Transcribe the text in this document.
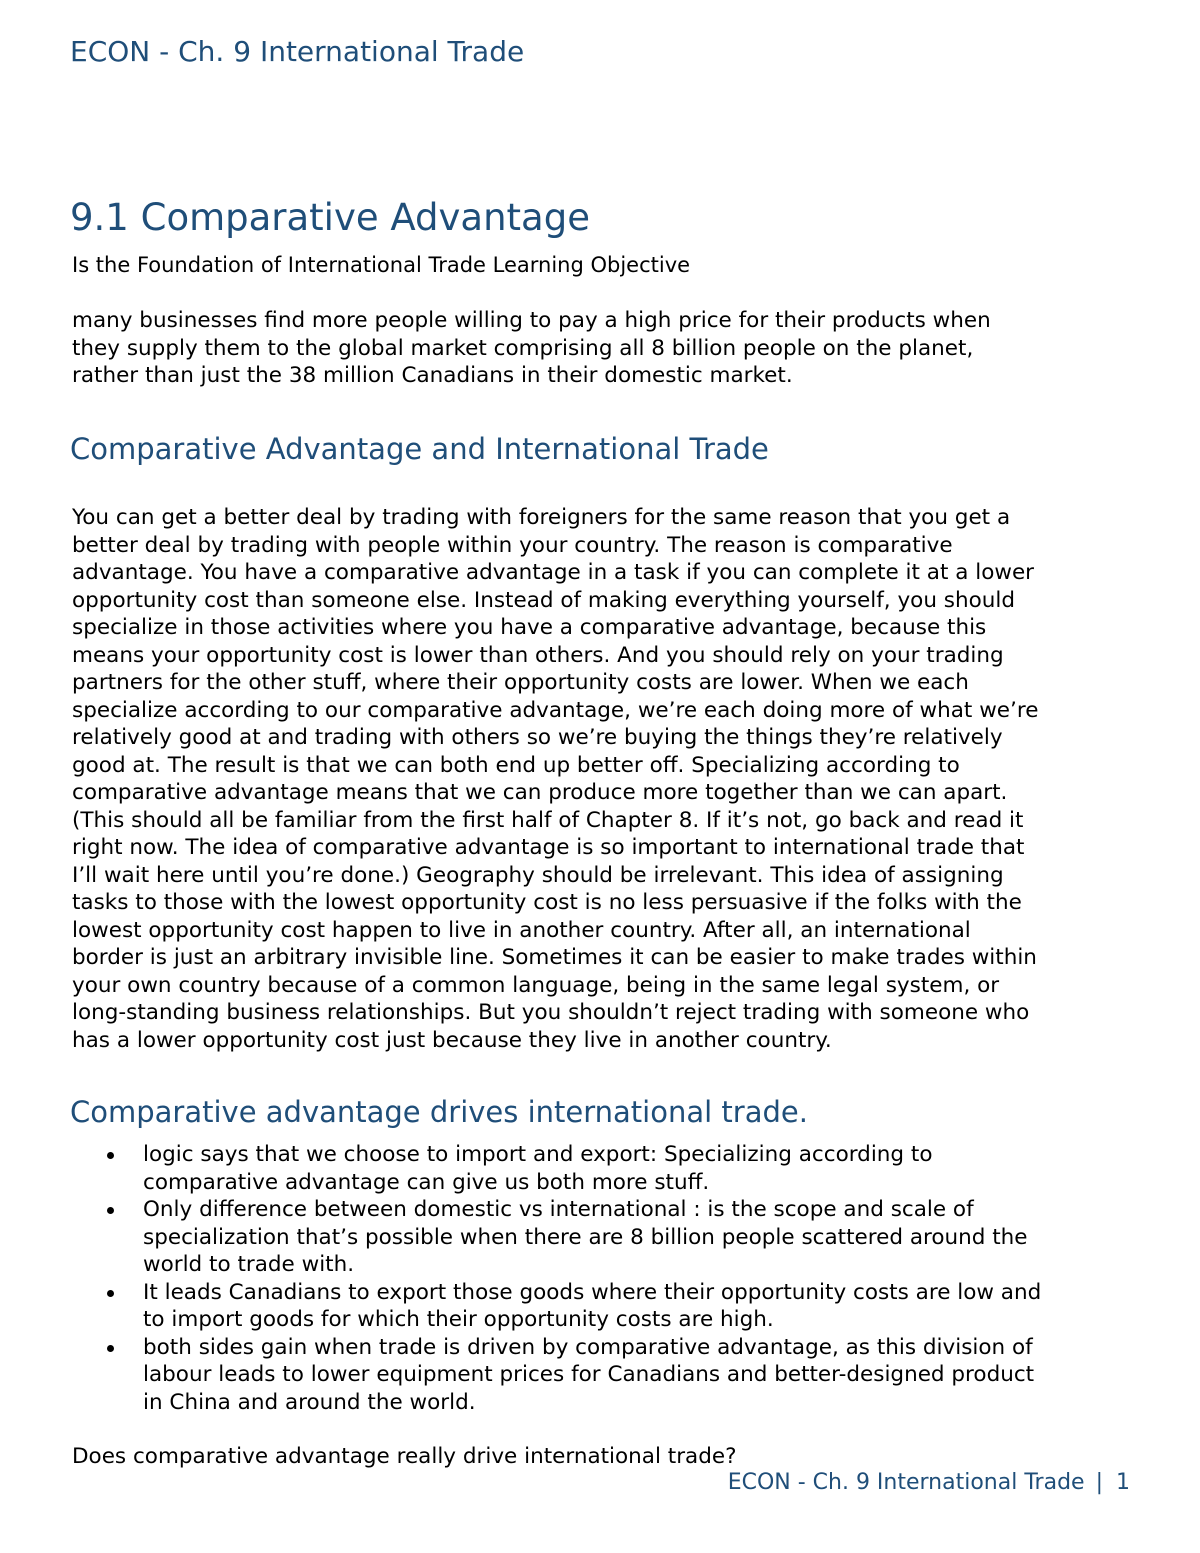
ECON - Ch. 9 International Trade
9.1 Comparative Advantage
Is the Foundation of International Trade Learning Objective
many businesses find more people willing to pay a high price for their products when
they supply them to the global market comprising all 8 billion people on the planet,
rather than just the 38 million Canadians in their domestic market.
Comparative Advantage and International Trade
You can get a better deal by trading with foreigners for the same reason that you get a
better deal by trading with people within your country. The reason is comparative
advantage. You have a comparative advantage in a task if you can complete it at a lower
opportunity cost than someone else. Instead of making everything yourself, you should
specialize in those activities where you have a comparative advantage, because this
means your opportunity cost is lower than others. And you should rely on your trading
partners for the other stuff, where their opportunity costs are lower. When we each
specialize according to our comparative advantage, we’re each doing more of what we’re
relatively good at and trading with others so we’re buying the things they’re relatively
good at. The result is that we can both end up better off. Specializing according to
comparative advantage means that we can produce more together than we can apart.
(This should all be familiar from the first half of Chapter 8. If it’s not, go back and read it
right now. The idea of comparative advantage is so important to international trade that
I’ll wait here until you’re done.) Geography should be irrelevant. This idea of assigning
tasks to those with the lowest opportunity cost is no less persuasive if the folks with the
lowest opportunity cost happen to live in another country. After all, an international
border is just an arbitrary invisible line. Sometimes it can be easier to make trades within
your own country because of a common language, being in the same legal system, or
long-standing business relationships. But you shouldn’t reject trading with someone who
has a lower opportunity cost just because they live in another country.
Comparative advantage drives international trade.
logic says that we choose to import and export: Specializing according to
comparative advantage can give us both more stuff.
Only difference between domestic vs international : is the scope and scale of
specialization that’s possible when there are 8 billion people scattered around the
world to trade with.
It leads Canadians to export those goods where their opportunity costs are low and
to import goods for which their opportunity costs are high.
both sides gain when trade is driven by comparative advantage, as this division of
labour leads to lower equipment prices for Canadians and better-designed product
in China and around the world.
Does comparative advantage really drive international trade?
ECON - Ch. 9 International Trade | 1
